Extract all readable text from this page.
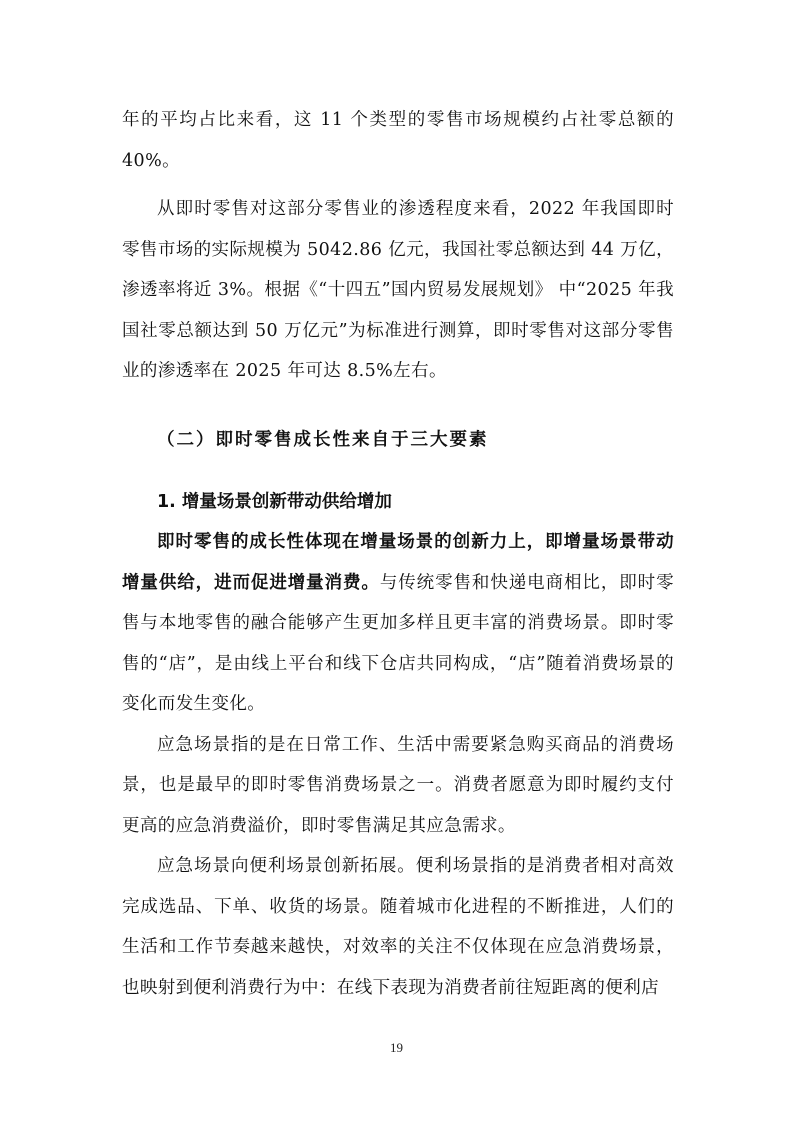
年的平均占比来看，这 11 个类型的零售市场规模约占社零总额的40%。

从即时零售对这部分零售业的渗透程度来看，2022 年我国即时零售市场的实际规模为 5042.86 亿元，我国社零总额达到 44 万亿，渗透率将近 3%。根据《“十四五”国内贸易发展规划》 中“2025 年我国社零总额达到 50 万亿元”为标准进行测算，即时零售对这部分零售业的渗透率在 2025 年可达 8.5%左右。

（二）即时零售成长性来自于三大要素
1. 增量场景创新带动供给增加

即时零售的成长性体现在增量场景的创新力上，即增量场景带动增量供给，进而促进增量消费。与传统零售和快递电商相比，即时零售与本地零售的融合能够产生更加多样且更丰富的消费场景。即时零售的“店”，是由线上平台和线下仓店共同构成，“店”随着消费场景的变化而发生变化。

应急场景指的是在日常工作、生活中需要紧急购买商品的消费场景，也是最早的即时零售消费场景之一。消费者愿意为即时履约支付更高的应急消费溢价，即时零售满足其应急需求。

应急场景向便利场景创新拓展。便利场景指的是消费者相对高效完成选品、下单、收货的场景。随着城市化进程的不断推进，人们的生活和工作节奏越来越快，对效率的关注不仅体现在应急消费场景，也映射到便利消费行为中：在线下表现为消费者前往短距离的便利店

19
